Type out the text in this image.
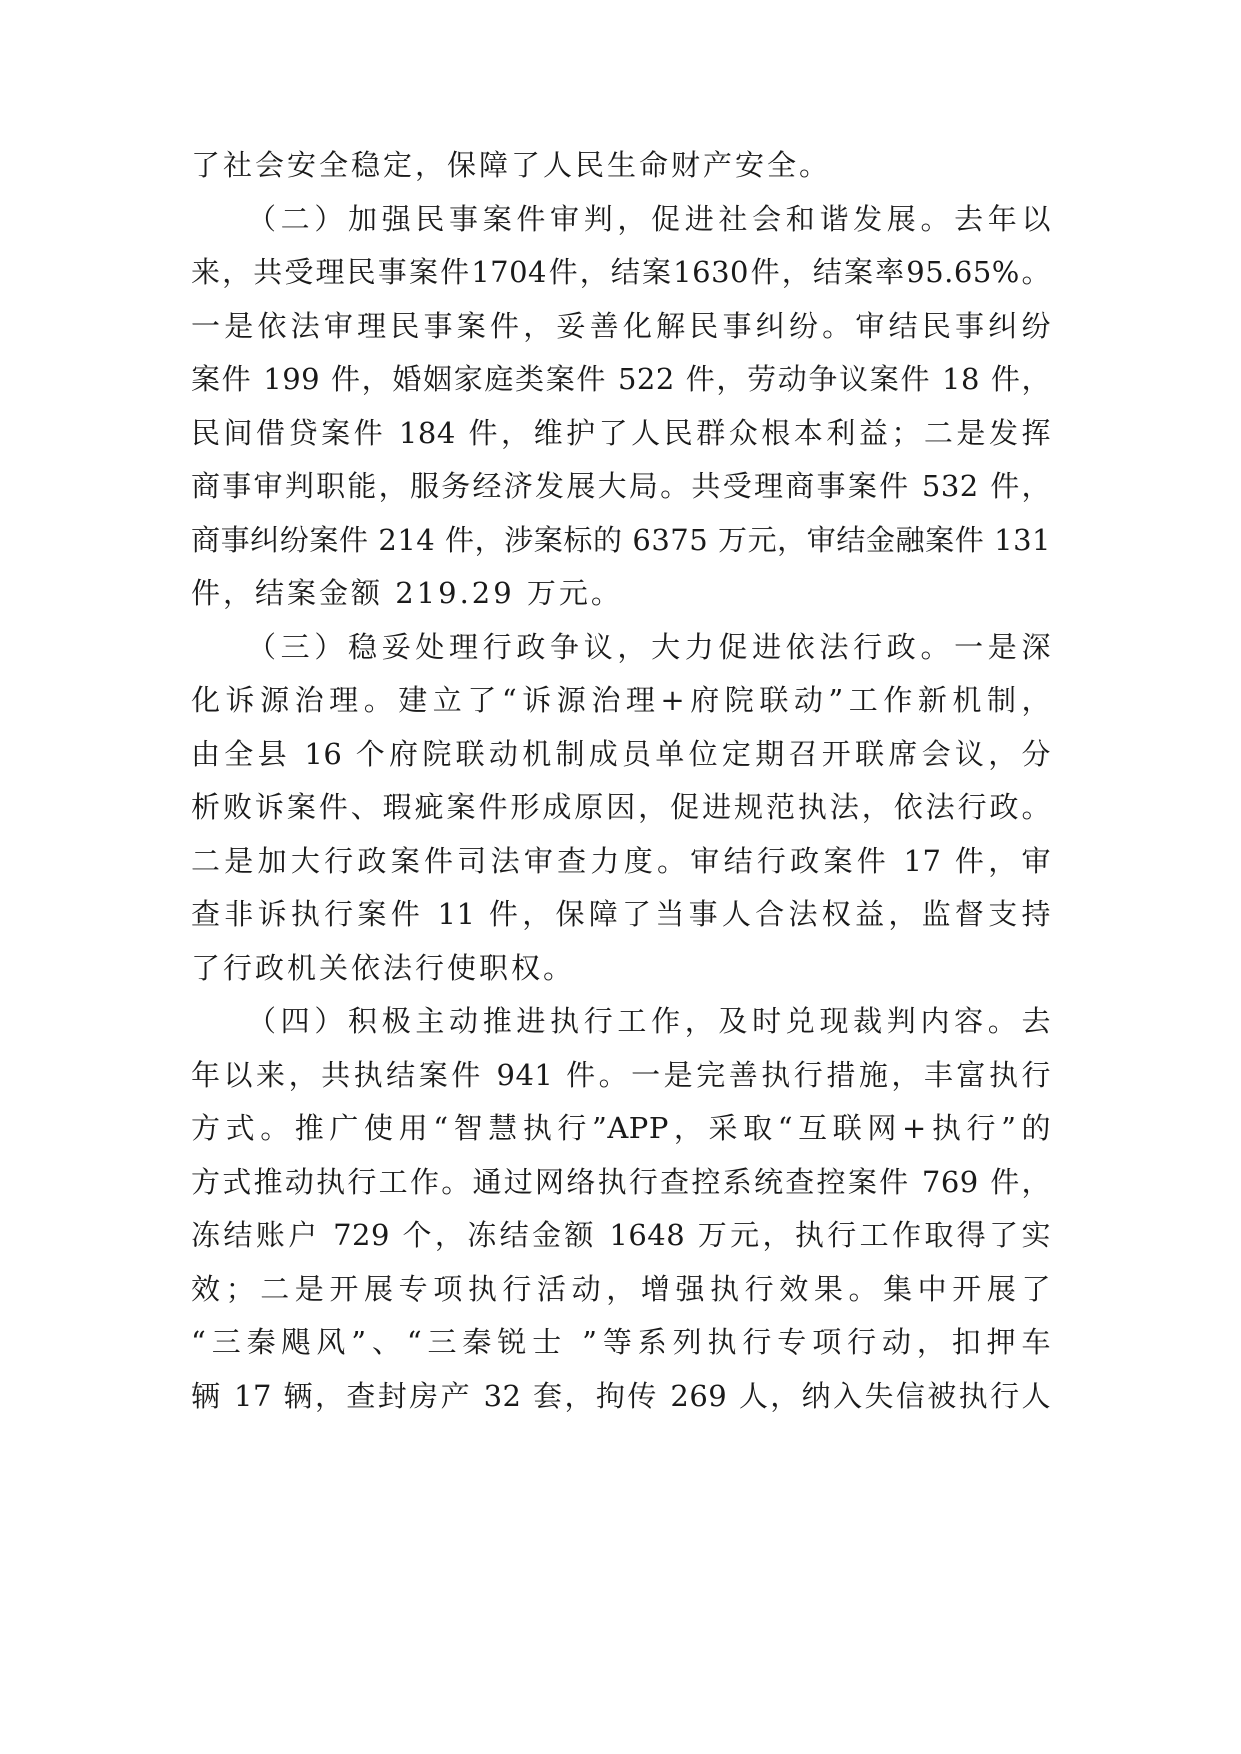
了社会安全稳定，保障了人民生命财产安全。
（二）加强民事案件审判，促进社会和谐发展。去年以
来，共受理民事案件1704件，结案1630件，结案率95.65%。
一是依法审理民事案件，妥善化解民事纠纷。审结民事纠纷
案件 199 件，婚姻家庭类案件 522 件，劳动争议案件 18 件，
民间借贷案件 184 件，维护了人民群众根本利益；二是发挥
商事审判职能，服务经济发展大局。共受理商事案件 532 件，
商事纠纷案件 214 件，涉案标的 6375 万元，审结金融案件 131
件，结案金额 219.29 万元。
（三）稳妥处理行政争议，大力促进依法行政。一是深
化诉源治理。建立了“诉源治理+府院联动”工作新机制，
由全县 16 个府院联动机制成员单位定期召开联席会议，分
析败诉案件、瑕疵案件形成原因，促进规范执法，依法行政。
二是加大行政案件司法审查力度。审结行政案件 17 件，审
查非诉执行案件 11 件，保障了当事人合法权益，监督支持
了行政机关依法行使职权。
（四）积极主动推进执行工作，及时兑现裁判内容。去
年以来，共执结案件 941 件。一是完善执行措施，丰富执行
方式。推广使用“智慧执行”APP，采取“互联网+执行”的
方式推动执行工作。通过网络执行查控系统查控案件 769 件，
冻结账户 729 个，冻结金额 1648 万元，执行工作取得了实
效；二是开展专项执行活动，增强执行效果。集中开展了
“三秦飓风”、“三秦锐士 ”等系列执行专项行动，扣押车
辆 17 辆，查封房产 32 套，拘传 269 人，纳入失信被执行人
